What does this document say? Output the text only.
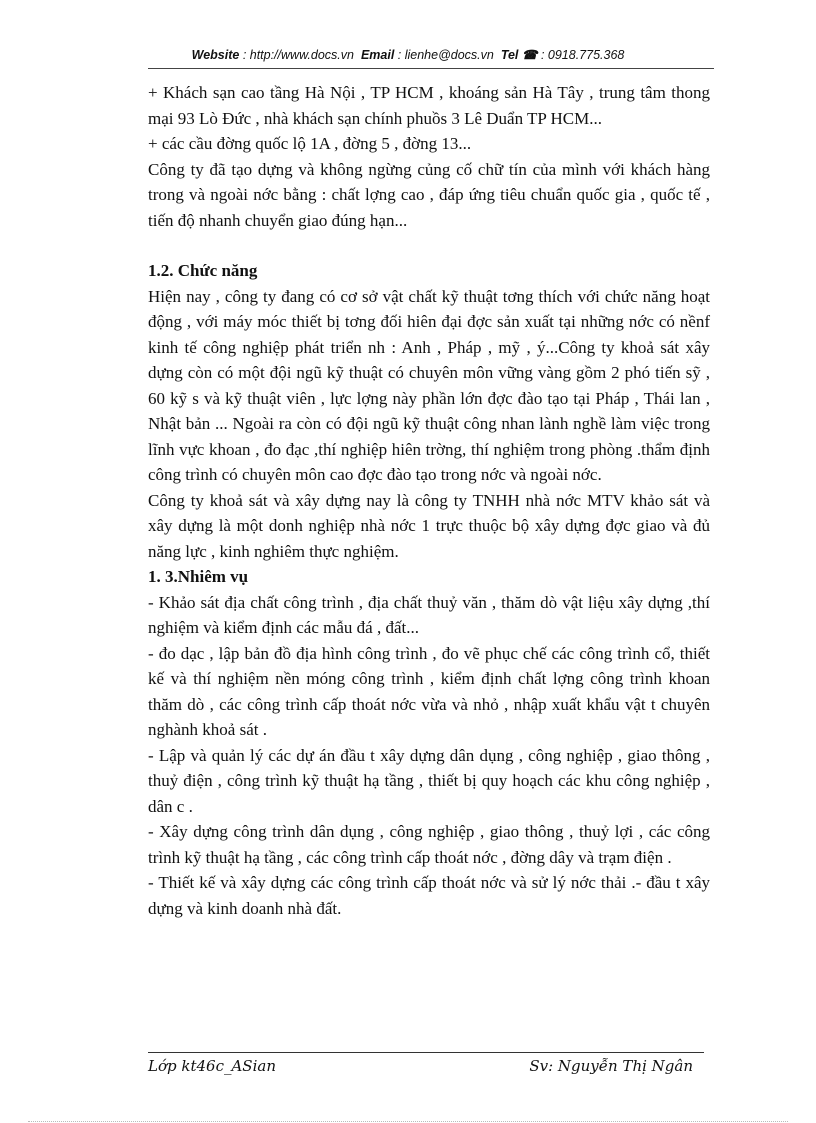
Website : http://www.docs.vn Email : lienhe@docs.vn Tel ☎ : 0918.775.368

+ Khách sạn cao tầng Hà Nội , TP HCM , khoáng sản Hà Tây , trung tâm thong mại 93 Lò Đức , nhà khách sạn chính phuồs 3 Lê Duẩn TP HCM...

+ các cầu đờng quốc lộ 1A , đờng 5 , đờng 13...

Công ty đã tạo dựng và không ngừng củng cố chữ tín của mình với khách hàng trong và ngoài nớc bằng : chất lợng cao , đáp ứng tiêu chuẩn quốc gia , quốc tế , tiến độ nhanh chuyển giao đúng hạn...

1.2. Chức năng

Hiện nay , công ty đang có cơ sở vật chất kỹ thuật tơng thích với chức năng hoạt động , với máy móc thiết bị tơng đối hiên đại đợc sản xuất tại những nớc có nềnf kinh tế công nghiệp phát triển nh : Anh , Pháp , mỹ , ý...Công ty khoả sát xây dựng còn có một đội ngũ kỹ thuật có chuyên môn vững vàng gồm 2 phó tiến sỹ , 60 kỹ s và kỹ thuật viên , lực lợng này phần lớn đợc đào tạo tại Pháp , Thái lan , Nhật bản ... Ngoài ra còn có đội ngũ kỹ thuật công nhan lành nghề làm việc trong lĩnh vực khoan , đo đạc ,thí nghiệp hiên trờng, thí nghiệm trong phòng .thẩm định công trình có chuyên môn cao đợc đào tạo trong nớc và ngoài nớc.

Công ty khoả sát và xây dựng nay là công ty TNHH nhà nớc MTV khảo sát và xây dựng là một donh nghiệp nhà nớc 1 trực thuộc bộ xây dựng đợc giao và đủ năng lực , kinh nghiêm thực nghiệm.

1. 3.Nhiêm vụ

- Khảo sát địa chất công trình , địa chất thuỷ văn , thăm dò vật liệu xây dựng ,thí nghiệm và kiểm định các mẫu đá , đất...

- đo dạc , lập bản đồ địa hình công trình , đo vẽ phục chế các công trình cổ, thiết kế và thí nghiệm nền móng công trình , kiểm định chất lợng công trình khoan thăm dò , các công trình cấp thoát nớc vừa và nhỏ , nhập xuất khẩu vật t chuyên nghành khoả sát .

- Lập và quản lý các dự án đầu t xây dựng dân dụng , công nghiệp , giao thông , thuỷ điện , công trình kỹ thuật hạ tầng , thiết bị quy hoạch các khu công nghiệp , dân c .

- Xây dựng công trình dân dụng , công nghiệp , giao thông , thuỷ lợi , các công trình kỹ thuật hạ tầng , các công trình cấp thoát nớc , đờng dây và trạm điện .

- Thiết kế và xây dựng các công trình cấp thoát nớc và sử lý nớc thải .- đầu t xây dựng và kinh doanh nhà đất.

Lớp kt46c_ASian	Sv: Nguyễn Thị Ngân
